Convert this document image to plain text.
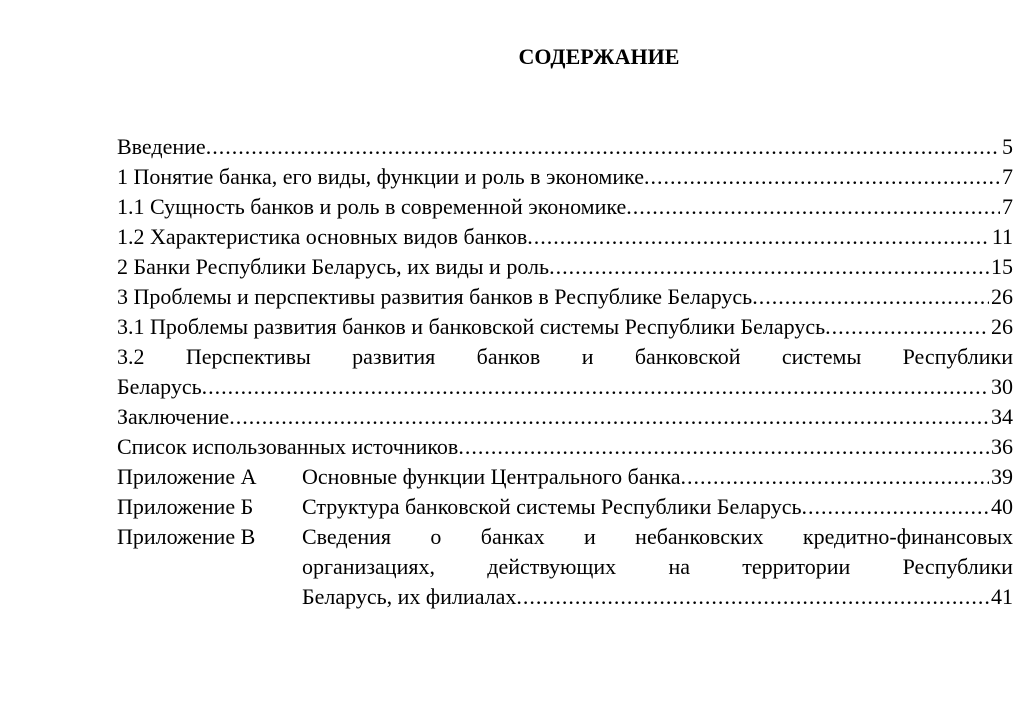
СОДЕРЖАНИЕ
Введение .....	5
1 Понятие банка, его виды, функции и роль в экономике .....	7
1.1 Сущность банков и роль в современной экономике .....	7
1.2 Характеристика основных видов банков .....	11
2 Банки Республики Беларусь, их виды и роль .....	15
3 Проблемы и перспективы развития банков в Республике Беларусь .....	26
3.1 Проблемы развития банков и банковской системы Республики Беларусь .....	26
3.2 Перспективы развития банков и банковской системы Республики
Беларусь .....	30
Заключение .....	34
Список использованных источников .....	36
Приложение А	Основные функции Центрального банка .....	39
Приложение Б	Структура банковской системы Республики Беларусь .....	40
Приложение В	Сведения о банках и небанковских кредитно-финансовых
организациях, действующих на территории Республики
Беларусь, их филиалах .....	41
